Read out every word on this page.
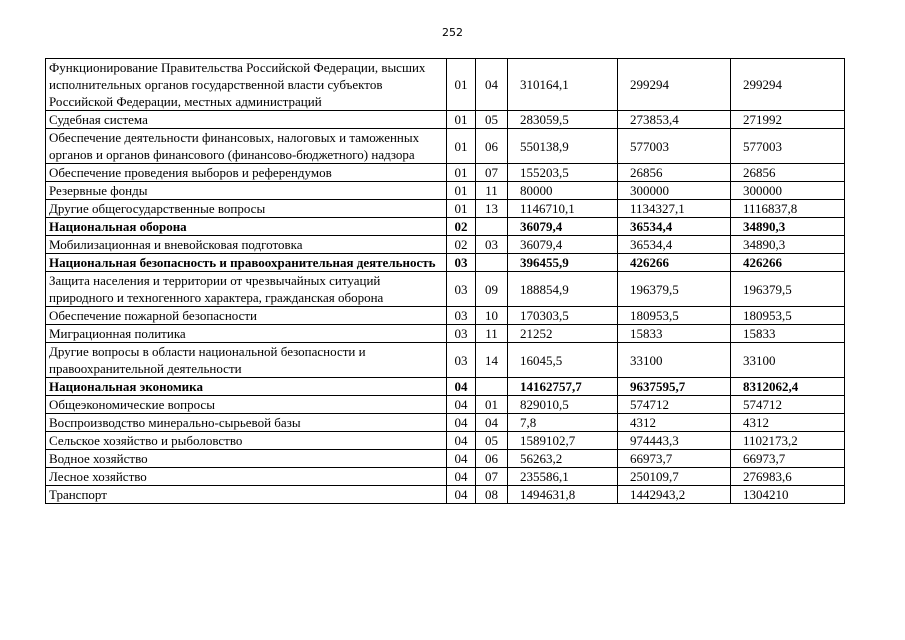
252
Функционирование Правительства Российской Федерации, высших исполнительных органов государственной власти субъектов Российской Федерации, местных администраций	01	04	310164,1	299294	299294
Судебная система	01	05	283059,5	273853,4	271992
Обеспечение деятельности финансовых, налоговых и таможенных органов и органов финансового (финансово-бюджетного) надзора	01	06	550138,9	577003	577003
Обеспечение проведения выборов и референдумов	01	07	155203,5	26856	26856
Резервные фонды	01	11	80000	300000	300000
Другие общегосударственные вопросы	01	13	1146710,1	1134327,1	1116837,8
Национальная оборона	02		36079,4	36534,4	34890,3
Мобилизационная и вневойсковая подготовка	02	03	36079,4	36534,4	34890,3
Национальная безопасность и правоохранительная деятельность	03		396455,9	426266	426266
Защита населения и территории от чрезвычайных ситуаций природного и техногенного характера, гражданская оборона	03	09	188854,9	196379,5	196379,5
Обеспечение пожарной безопасности	03	10	170303,5	180953,5	180953,5
Миграционная политика	03	11	21252	15833	15833
Другие вопросы в области национальной безопасности и правоохранительной деятельности	03	14	16045,5	33100	33100
Национальная экономика	04		14162757,7	9637595,7	8312062,4
Общеэкономические вопросы	04	01	829010,5	574712	574712
Воспроизводство минерально-сырьевой базы	04	04	7,8	4312	4312
Сельское хозяйство и рыболовство	04	05	1589102,7	974443,3	1102173,2
Водное хозяйство	04	06	56263,2	66973,7	66973,7
Лесное хозяйство	04	07	235586,1	250109,7	276983,6
Транспорт	04	08	1494631,8	1442943,2	1304210
